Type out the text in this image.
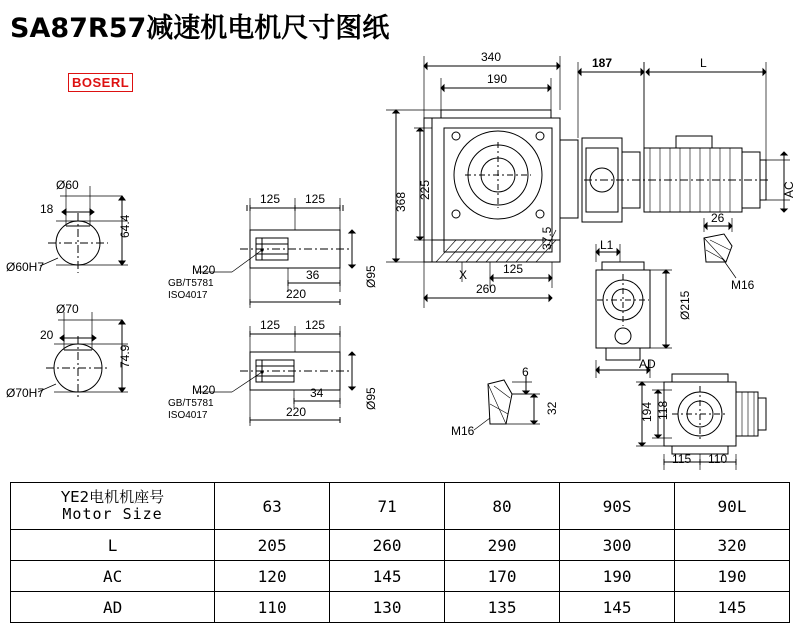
SA87R57减速机电机尺寸图纸
BOSERL
Ø60
18
64.4
Ø60H7
Ø70
20
74.9
Ø70H7
125 125
36
220
Ø95
M20
GB/T5781
ISO4017
125 125
34
220
Ø95
M20
GB/T5781
ISO4017
340
190
187	L
368
225	AC
125
260
37.5
X
26
M16
L1
Ø215
AD
M16
6
32	194 118
115 110
YE2电机机座号
Motor Size	63	71	80	90S	90L
L	205	260	290	300	320
AC	120	145	170	190	190
AD	110	130	135	145	145
